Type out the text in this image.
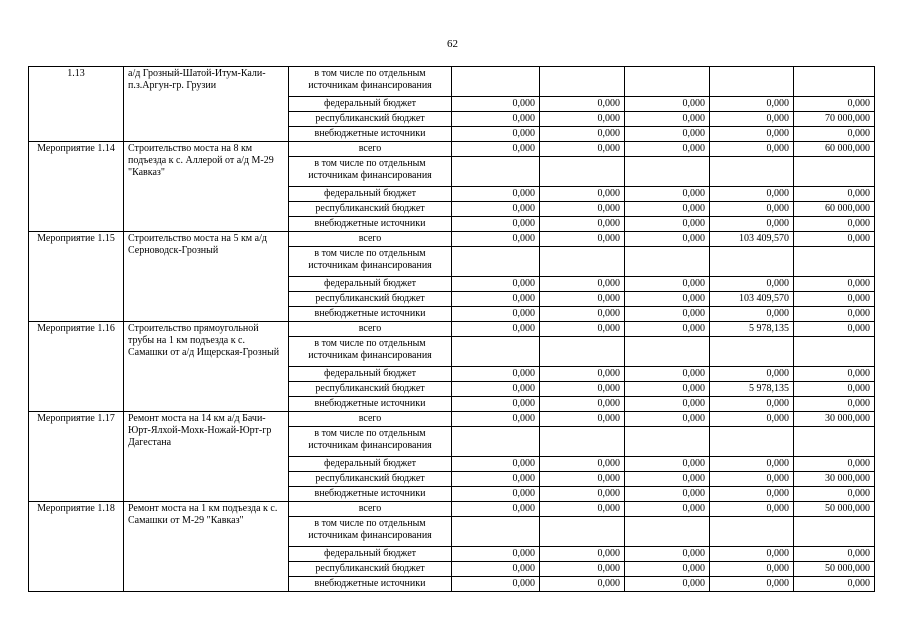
62
1.13	а/д Грозный-Шатой-Итум-Кали-п.з.Аргун-гр. Грузии	в том числе по отдельным источникам финансирования					
		федеральный бюджет	0,000	0,000	0,000	0,000	0,000
		республиканский бюджет	0,000	0,000	0,000	0,000	70 000,000
		внебюджетные источники	0,000	0,000	0,000	0,000	0,000
Мероприятие 1.14	Строительство моста на 8 км подъезда к с. Аллерой от а/д М-29 "Кавказ"	всего	0,000	0,000	0,000	0,000	60 000,000
		в том числе по отдельным источникам финансирования					
		федеральный бюджет	0,000	0,000	0,000	0,000	0,000
		республиканский бюджет	0,000	0,000	0,000	0,000	60 000,000
		внебюджетные источники	0,000	0,000	0,000	0,000	0,000
Мероприятие 1.15	Строительство моста на 5 км а/д Серноводск-Грозный	всего	0,000	0,000	0,000	103 409,570	0,000
		в том числе по отдельным источникам финансирования					
		федеральный бюджет	0,000	0,000	0,000	0,000	0,000
		республиканский бюджет	0,000	0,000	0,000	103 409,570	0,000
		внебюджетные источники	0,000	0,000	0,000	0,000	0,000
Мероприятие 1.16	Строительство прямоугольной трубы на 1 км подъезда к с. Самашки от а/д Ищерская-Грозный	всего	0,000	0,000	0,000	5 978,135	0,000
		в том числе по отдельным источникам финансирования					
		федеральный бюджет	0,000	0,000	0,000	0,000	0,000
		республиканский бюджет	0,000	0,000	0,000	5 978,135	0,000
		внебюджетные источники	0,000	0,000	0,000	0,000	0,000
Мероприятие 1.17	Ремонт моста на 14 км а/д Бачи-Юрт-Ялхой-Мохк-Ножай-Юрт-гр Дагестана	всего	0,000	0,000	0,000	0,000	30 000,000
		в том числе по отдельным источникам финансирования					
		федеральный бюджет	0,000	0,000	0,000	0,000	0,000
		республиканский бюджет	0,000	0,000	0,000	0,000	30 000,000
		внебюджетные источники	0,000	0,000	0,000	0,000	0,000
Мероприятие 1.18	Ремонт моста на 1 км подъезда к с. Самашки от М-29 "Кавказ"	всего	0,000	0,000	0,000	0,000	50 000,000
		в том числе по отдельным источникам финансирования					
		федеральный бюджет	0,000	0,000	0,000	0,000	0,000
		республиканский бюджет	0,000	0,000	0,000	0,000	50 000,000
		внебюджетные источники	0,000	0,000	0,000	0,000	0,000
